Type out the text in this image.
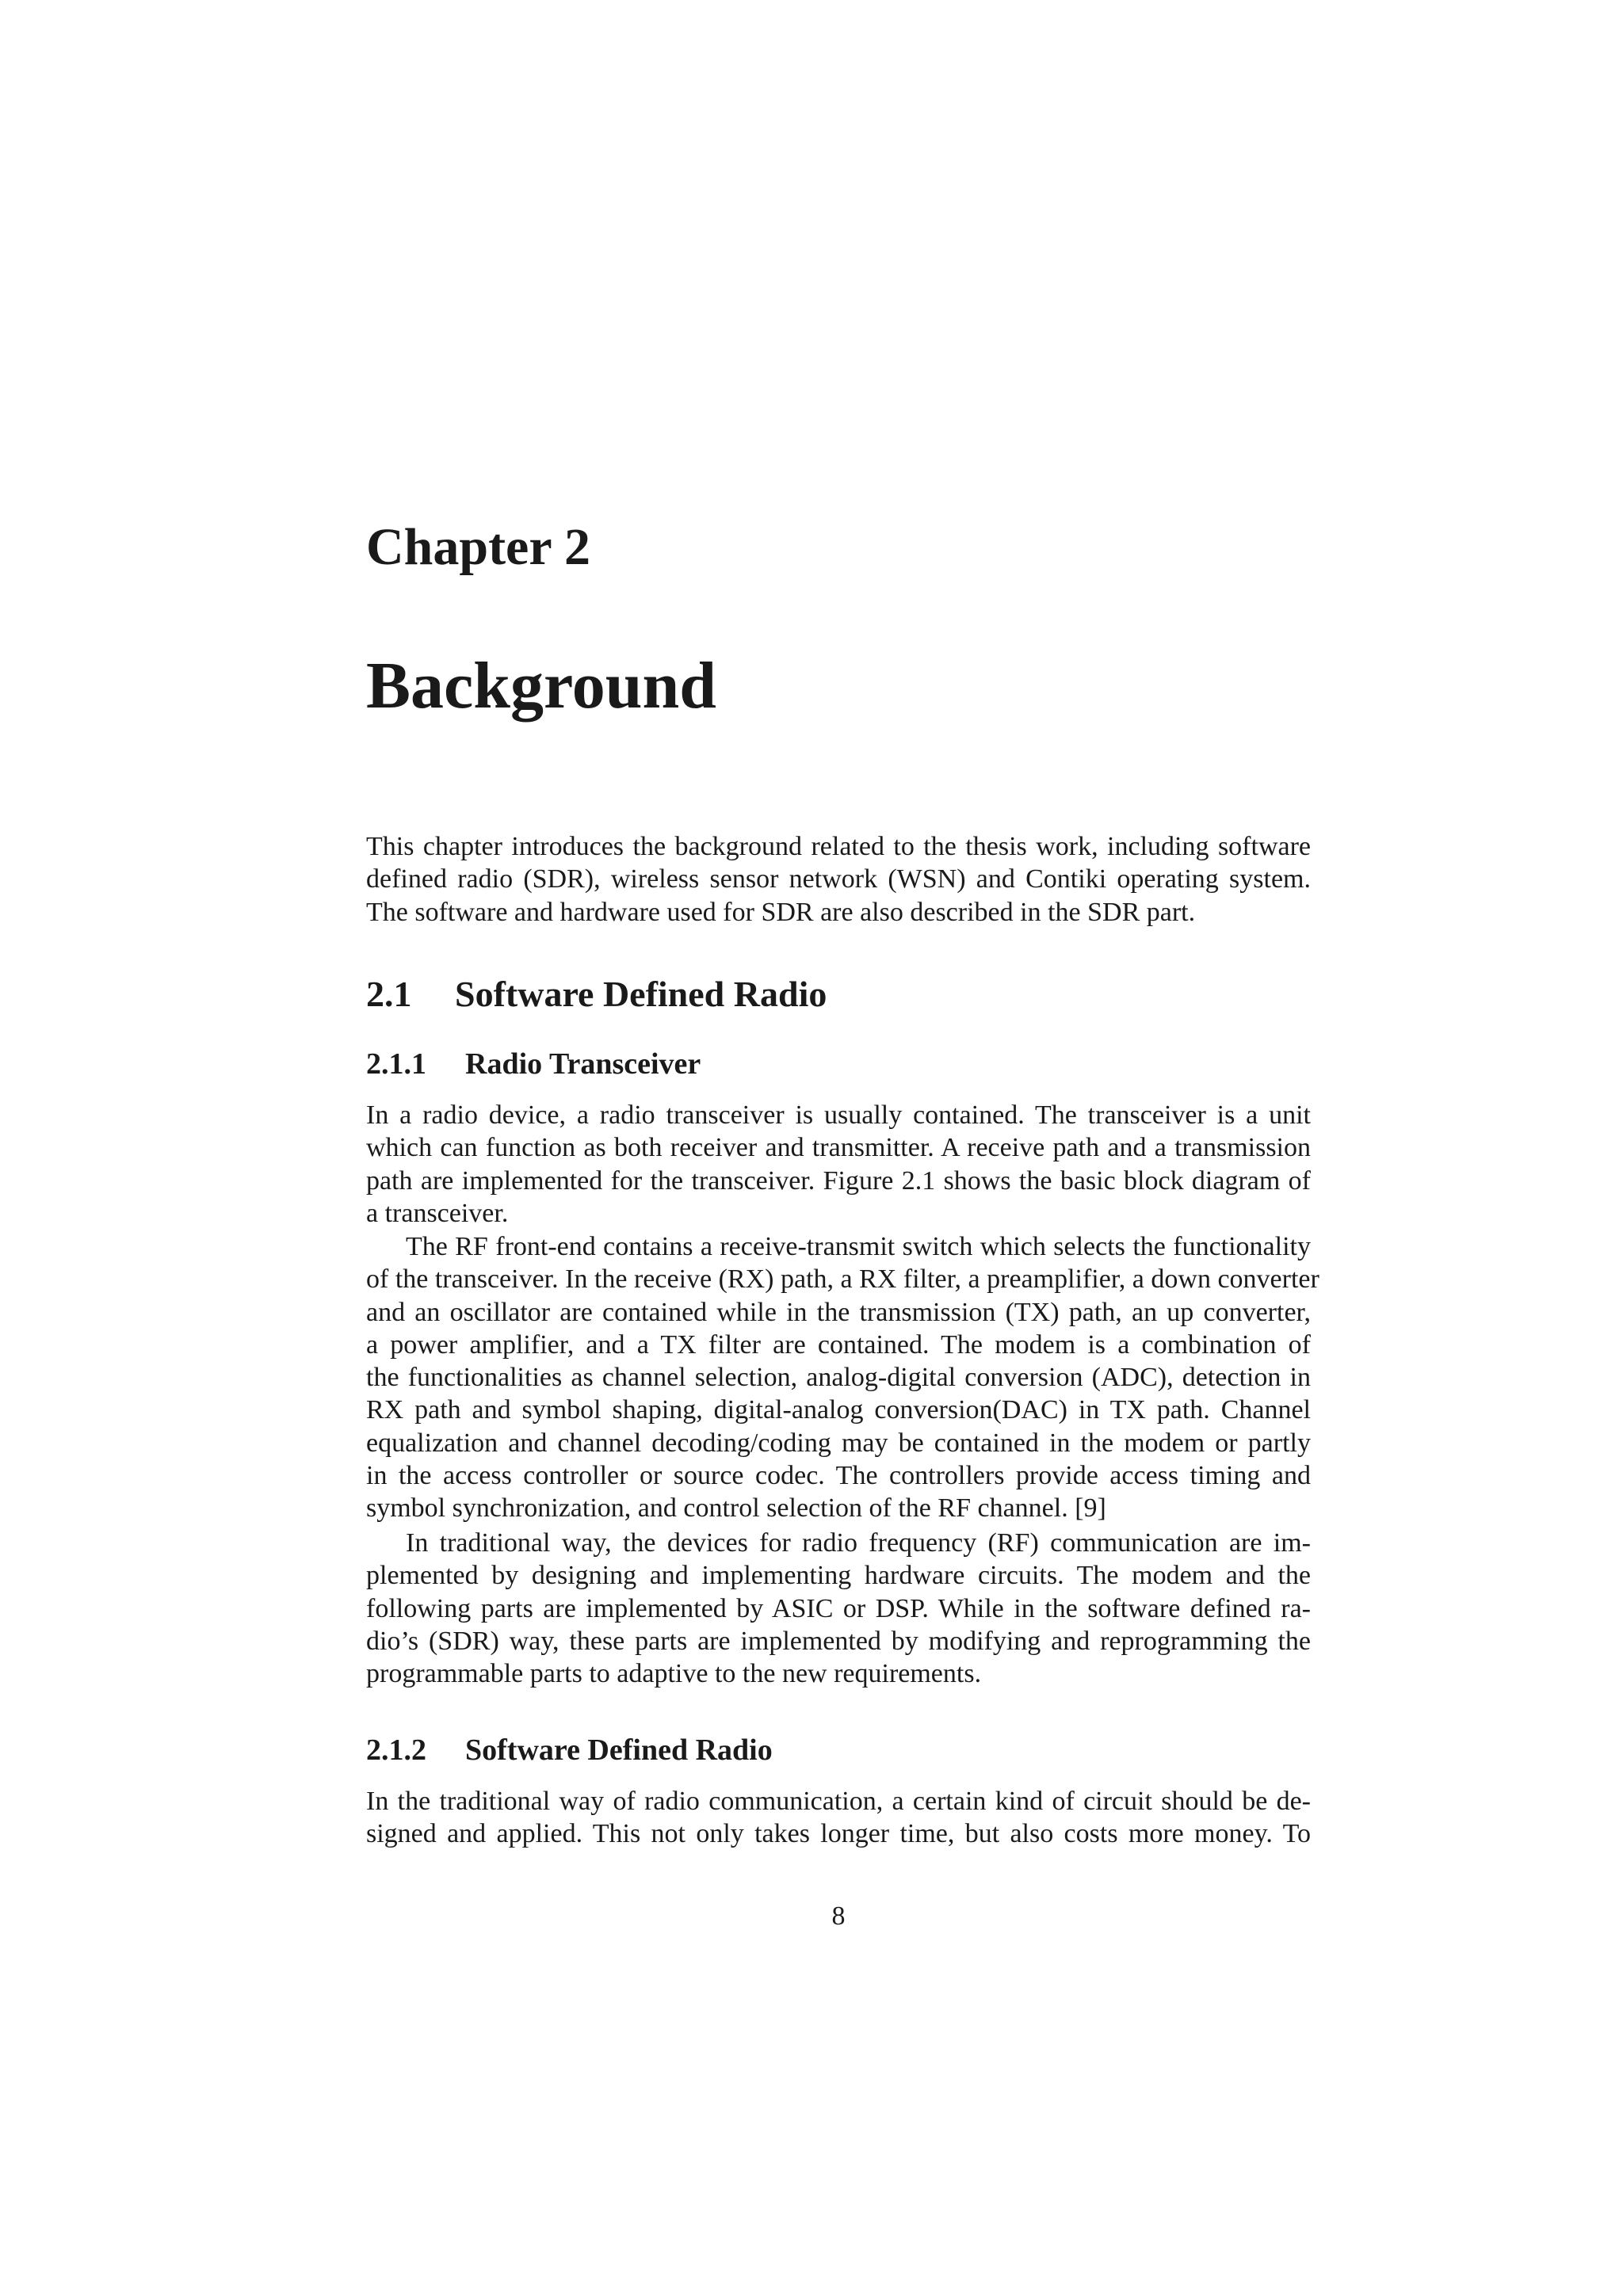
Chapter 2
Background

This chapter introduces the background related to the thesis work, including software
defined radio (SDR), wireless sensor network (WSN) and Contiki operating system.
The software and hardware used for SDR are also described in the SDR part.

2.1 Software Defined Radio
2.1.1 Radio Transceiver

In a radio device, a radio transceiver is usually contained. The transceiver is a unit
which can function as both receiver and transmitter. A receive path and a transmission
path are implemented for the transceiver. Figure 2.1 shows the basic block diagram of
a transceiver.

The RF front-end contains a receive-transmit switch which selects the functionality
of the transceiver. In the receive (RX) path, a RX filter, a preamplifier, a down converter
and an oscillator are contained while in the transmission (TX) path, an up converter,
a power amplifier, and a TX filter are contained. The modem is a combination of
the functionalities as channel selection, analog-digital conversion (ADC), detection in
RX path and symbol shaping, digital-analog conversion(DAC) in TX path. Channel
equalization and channel decoding/coding may be contained in the modem or partly
in the access controller or source codec. The controllers provide access timing and
symbol synchronization, and control selection of the RF channel. [9]

In traditional way, the devices for radio frequency (RF) communication are im-
plemented by designing and implementing hardware circuits. The modem and the
following parts are implemented by ASIC or DSP. While in the software defined ra-
dio’s (SDR) way, these parts are implemented by modifying and reprogramming the
programmable parts to adaptive to the new requirements.

2.1.2 Software Defined Radio

In the traditional way of radio communication, a certain kind of circuit should be de-
signed and applied. This not only takes longer time, but also costs more money. To

8
